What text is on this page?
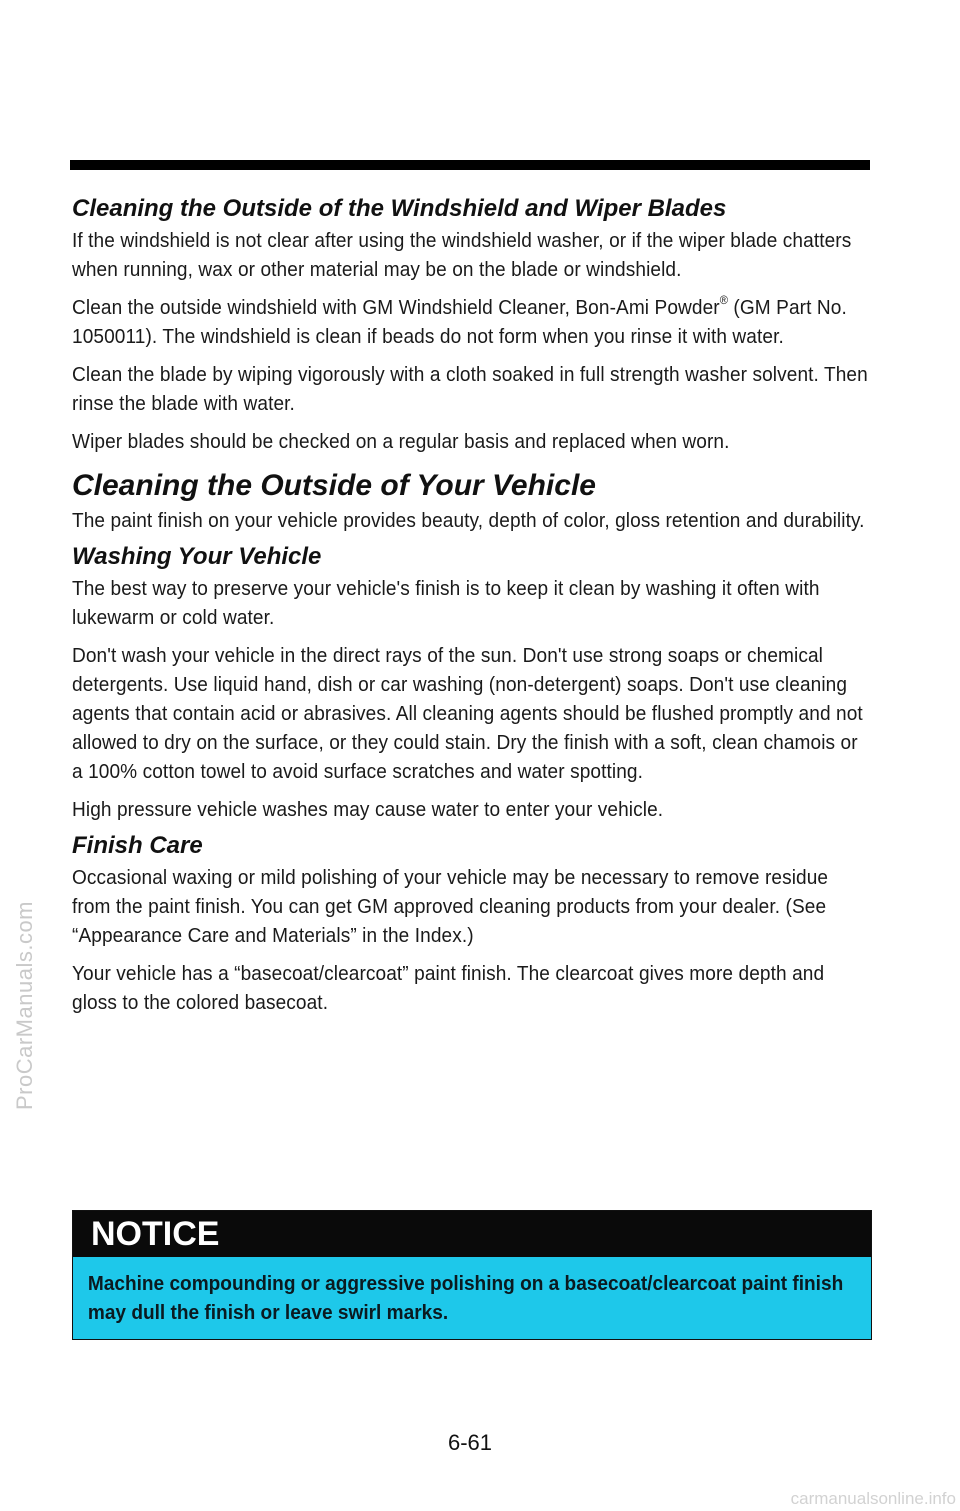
Cleaning the Outside of the Windshield and Wiper Blades

If the windshield is not clear after using the windshield washer, or if the wiper blade chatters when running, wax or other material may be on the blade or windshield.

Clean the outside windshield with GM Windshield Cleaner, Bon-Ami Powder® (GM Part No. 1050011). The windshield is clean if beads do not form when you rinse it with water.

Clean the blade by wiping vigorously with a cloth soaked in full strength washer solvent. Then rinse the blade with water.

Wiper blades should be checked on a regular basis and replaced when worn.

Cleaning the Outside of Your Vehicle

The paint finish on your vehicle provides beauty, depth of color, gloss retention and durability.

Washing Your Vehicle

The best way to preserve your vehicle's finish is to keep it clean by washing it often with lukewarm or cold water.

Don't wash your vehicle in the direct rays of the sun. Don't use strong soaps or chemical detergents. Use liquid hand, dish or car washing (non-detergent) soaps. Don't use cleaning agents that contain acid or abrasives. All cleaning agents should be flushed promptly and not allowed to dry on the surface, or they could stain. Dry the finish with a soft, clean chamois or a 100% cotton towel to avoid surface scratches and water spotting.

High pressure vehicle washes may cause water to enter your vehicle.

Finish Care

Occasional waxing or mild polishing of your vehicle may be necessary to remove residue from the paint finish. You can get GM approved cleaning products from your dealer. (See “Appearance Care and Materials” in the Index.)

Your vehicle has a “basecoat/clearcoat” paint finish. The clearcoat gives more depth and gloss to the colored basecoat.

NOTICE
Machine compounding or aggressive polishing on a basecoat/clearcoat paint finish may dull the finish or leave swirl marks.
6-61
ProCarManuals.com
carmanualsonline.info
